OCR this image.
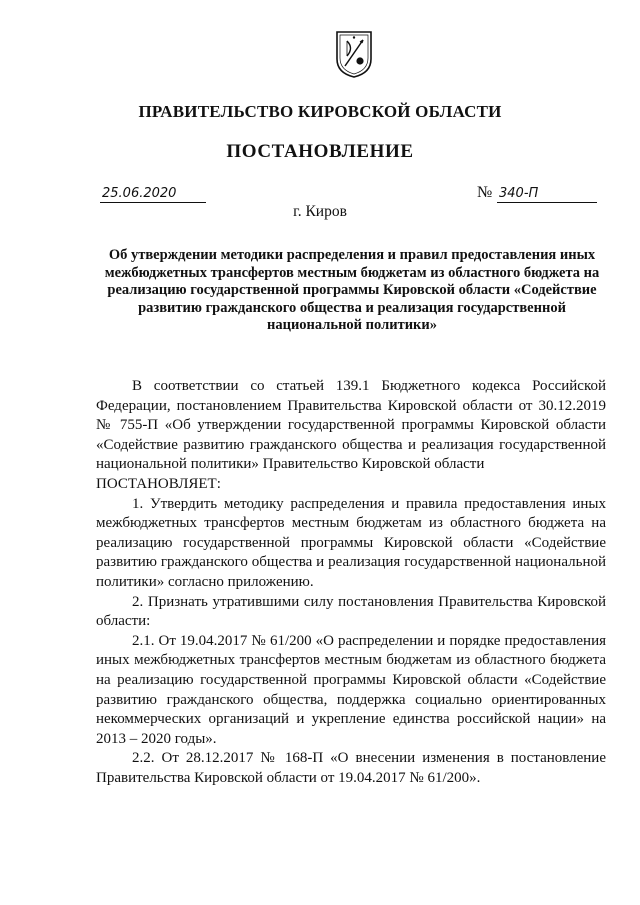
ПРАВИТЕЛЬСТВО КИРОВСКОЙ ОБЛАСТИ
ПОСТАНОВЛЕНИЕ
25.06.2020	№ 340-П
г. Киров
Об утверждении методики распределения и правил предоставления иных межбюджетных трансфертов местным бюджетам из областного бюджета на реализацию государственной программы Кировской области «Содействие развитию гражданского общества и реализация государственной национальной политики»

В соответствии со статьей 139.1 Бюджетного кодекса Российской Федерации, постановлением Правительства Кировской области от 30.12.2019 № 755-П «Об утверждении государственной программы Кировской области «Содействие развитию гражданского общества и реализация государственной национальной политики» Правительство Кировской области

ПОСТАНОВЛЯЕТ:

1. Утвердить методику распределения и правила предоставления иных межбюджетных трансфертов местным бюджетам из областного бюджета на реализацию государственной программы Кировской области «Содействие развитию гражданского общества и реализация государственной национальной политики» согласно приложению.

2. Признать утратившими силу постановления Правительства Кировской области:

2.1. От 19.04.2017 № 61/200 «О распределении и порядке предоставления иных межбюджетных трансфертов местным бюджетам из областного бюджета на реализацию государственной программы Кировской области «Содействие развитию гражданского общества, поддержка социально ориентированных некоммерческих организаций и укрепление единства российской нации» на 2013 – 2020 годы».

2.2. От 28.12.2017 № 168-П «О внесении изменения в постановление Правительства Кировской области от 19.04.2017 № 61/200».
